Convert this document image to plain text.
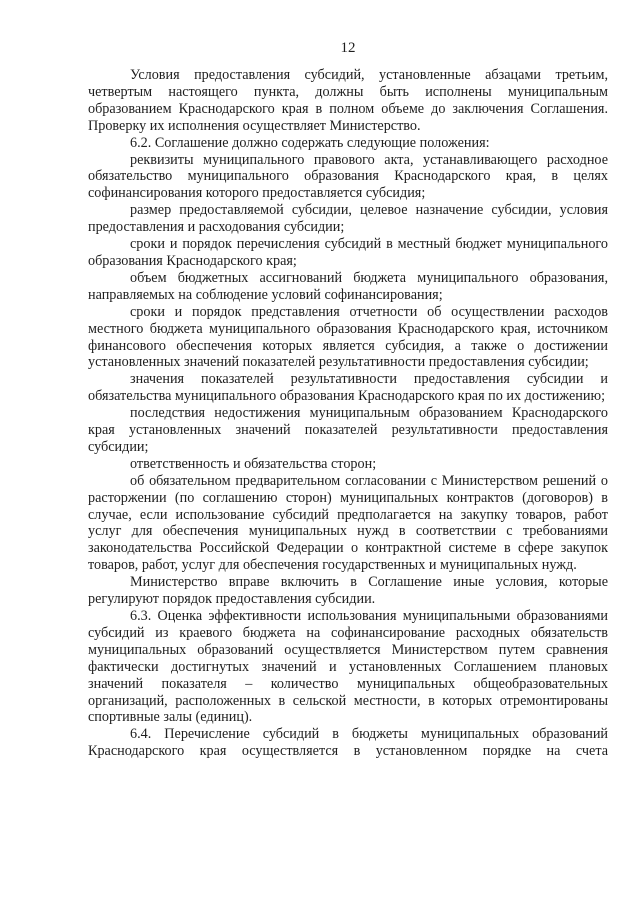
12

Условия предоставления субсидий, установленные абзацами третьим, четвертым настоящего пункта, должны быть исполнены муниципальным образованием Краснодарского края в полном объеме до заключения Соглашения. Проверку их исполнения осуществляет Министерство.

6.2. Соглашение должно содержать следующие положения:

реквизиты муниципального правового акта, устанавливающего расходное обязательство муниципального образования Краснодарского края, в целях софинансирования которого предоставляется субсидия;

размер предоставляемой субсидии, целевое назначение субсидии, условия предоставления и расходования субсидии;

сроки и порядок перечисления субсидий в местный бюджет муниципального образования Краснодарского края;

объем бюджетных ассигнований бюджета муниципального образования, направляемых на соблюдение условий софинансирования;

сроки и порядок представления отчетности об осуществлении расходов местного бюджета муниципального образования Краснодарского края, источником финансового обеспечения которых является субсидия, а также о достижении установленных значений показателей результативности предоставления субсидии;

значения показателей результативности предоставления субсидии и обязательства муниципального образования Краснодарского края по их достижению;

последствия недостижения муниципальным образованием Краснодарского края установленных значений показателей результативности предоставления субсидии;

ответственность и обязательства сторон;

об обязательном предварительном согласовании с Министерством решений о расторжении (по соглашению сторон) муниципальных контрактов (договоров) в случае, если использование субсидий предполагается на закупку товаров, работ услуг для обеспечения муниципальных нужд в соответствии с требованиями законодательства Российской Федерации о контрактной системе в сфере закупок товаров, работ, услуг для обеспечения государственных и муниципальных нужд.

Министерство вправе включить в Соглашение иные условия, которые регулируют порядок предоставления субсидии.

6.3. Оценка эффективности использования муниципальными образованиями субсидий из краевого бюджета на софинансирование расходных обязательств муниципальных образований осуществляется Министерством путем сравнения фактически достигнутых значений и установленных Соглашением плановых значений показателя – количество муниципальных общеобразовательных организаций, расположенных в сельской местности, в которых отремонтированы спортивные залы (единиц).

6.4. Перечисление субсидий в бюджеты муниципальных образований Краснодарского края осуществляется в установленном порядке на счета
